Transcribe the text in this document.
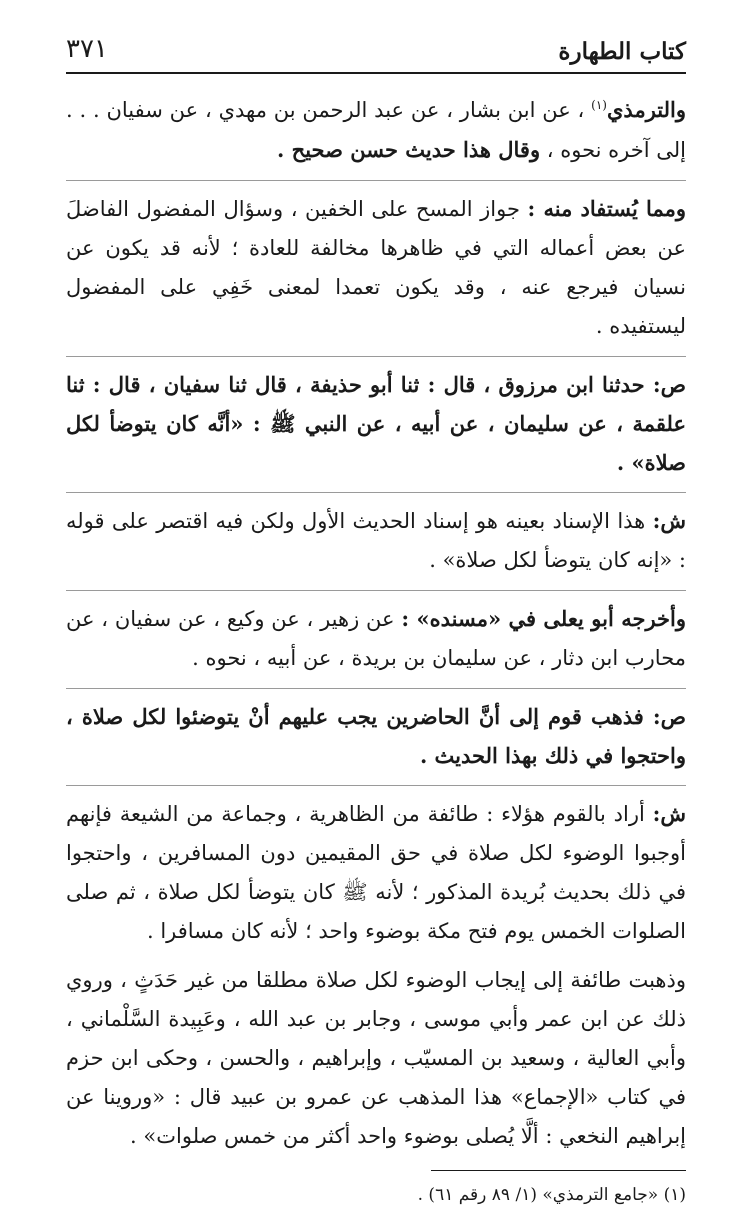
كتاب الطهارة
٣٧١

والترمذي$^{(١)}$ ، عن ابن بشار ، عن عبد الرحمن بن مهدي ، عن سفيان . . . إلى آخره نحوه ، وقال هذا حديث حسن صحيح .

ومما يُستفاد منه : جواز المسح على الخفين ، وسؤال المفضول الفاضلَ عن بعض أعماله التي في ظاهرها مخالفة للعادة ؛ لأنه قد يكون عن نسيان فيرجع عنه ، وقد يكون تعمدا لمعنى خَفِي على المفضول ليستفيده .

ص: حدثنا ابن مرزوق ، قال : ثنا أبو حذيفة ، قال ثنا سفيان ، قال : ثنا علقمة ، عن سليمان ، عن أبيه ، عن النبي ﷺ : «أنَّه كان يتوضأ لكل صلاة» .

ش: هذا الإسناد بعينه هو إسناد الحديث الأول ولكن فيه اقتصر على قوله : «إنه كان يتوضأ لكل صلاة» .

وأخرجه أبو يعلى في «مسنده» : عن زهير ، عن وكيع ، عن سفيان ، عن محارب ابن دثار ، عن سليمان بن بريدة ، عن أبيه ، نحوه .

ص: فذهب قوم إلى أنَّ الحاضرين يجب عليهم أنْ يتوضئوا لكل صلاة ، واحتجوا في ذلك بهذا الحديث .

ش: أراد بالقوم هؤلاء : طائفة من الظاهرية ، وجماعة من الشيعة فإنهم أوجبوا الوضوء لكل صلاة في حق المقيمين دون المسافرين ، واحتجوا في ذلك بحديث بُريدة المذكور ؛ لأنه ﷺ كان يتوضأ لكل صلاة ، ثم صلى الصلوات الخمس يوم فتح مكة بوضوء واحد ؛ لأنه كان مسافرا .

وذهبت طائفة إلى إيجاب الوضوء لكل صلاة مطلقا من غير حَدَثٍ ، وروي ذلك عن ابن عمر وأبي موسى ، وجابر بن عبد الله ، وعَبِيدة السَّلْماني ، وأبي العالية ، وسعيد بن المسيّب ، وإبراهيم ، والحسن ، وحكى ابن حزم في كتاب «الإجماع» هذا المذهب عن عمرو بن عبيد قال : «وروينا عن إبراهيم النخعي : ألَّا يُصلى بوضوء واحد أكثر من خمس صلوات» .

(١) «جامع الترمذي» (١/ ٨٩ رقم ٦١) .
